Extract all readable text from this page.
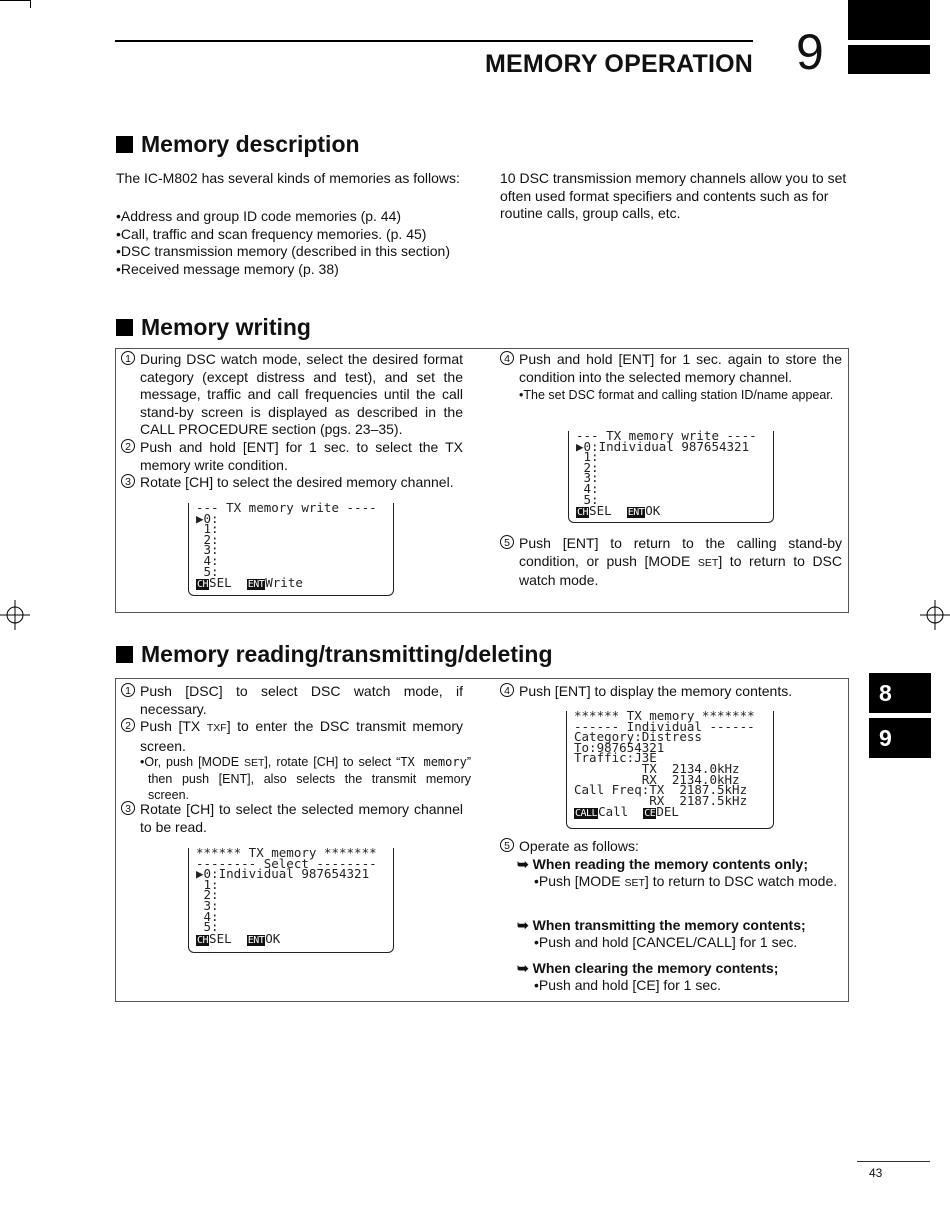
MEMORY OPERATION 9
8
9
Memory description
The IC-M802 has several kinds of memories as follows:
•Address and group ID code memories (p. 44)
•Call, traffic and scan frequency memories. (p. 45)
•DSC transmission memory (described in this section)
•Received message memory (p. 38)
10 DSC transmission memory channels allow you to set often used format specifiers and contents such as for routine calls, group calls, etc.
Memory writing
1 During DSC watch mode, select the desired format category (except distress and test), and set the message, traffic and call frequencies until the call stand-by screen is displayed as described in the CALL PROCEDURE section (pgs. 23–35).
2 Push and hold [ENT] for 1 sec. to select the TX memory write condition.
3 Rotate [CH] to select the desired memory channel.
--- TX memory write ----
▶0:
1:
2:
3:
4:
5:
CHSEL ENTWrite
4 Push and hold [ENT] for 1 sec. again to store the condition into the selected memory channel.
•The set DSC format and calling station ID/name appear.
--- TX memory write ----
▶0:Individual 987654321
1:
2:
3:
4:
5:
CHSEL ENTOK
5 Push [ENT] to return to the calling stand-by condition, or push [MODE SET] to return to DSC watch mode.
Memory reading/transmitting/deleting
1 Push [DSC] to select DSC watch mode, if necessary.
2 Push [TX TXF] to enter the DSC transmit memory screen.
•Or, push [MODE SET], rotate [CH] to select “TX memory” then push [ENT], also selects the transmit memory screen.
3 Rotate [CH] to select the selected memory channel to be read.
****** TX memory *******
-------- Select --------
▶0:Individual 987654321
1:
2:
3:
4:
5:
CHSEL ENTOK
4 Push [ENT] to display the memory contents.
****** TX memory *******
------ Individual ------
Category:Distress
To:987654321
Traffic:J3E
TX  2134.0kHz
RX  2134.0kHz
Call Freq:TX  2187.5kHz
RX  2187.5kHz
CALLCall CEDEL
5 Operate as follows:
➥ When reading the memory contents only;
•Push [MODE SET] to return to DSC watch mode.
➥ When transmitting the memory contents;
•Push and hold [CANCEL/CALL] for 1 sec.
➥ When clearing the memory contents;
•Push and hold [CE] for 1 sec.
43
